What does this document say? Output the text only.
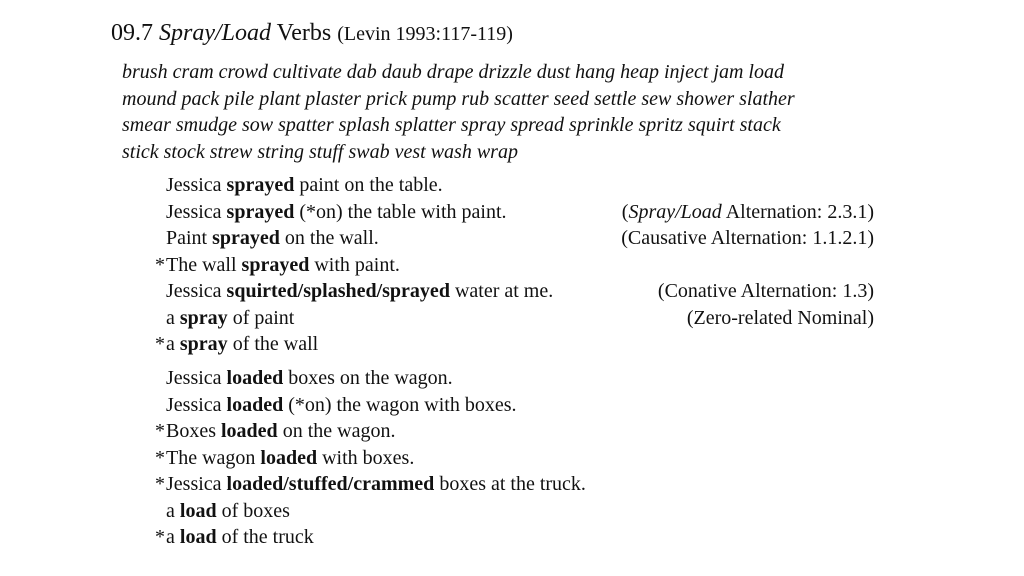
09.7 Spray/Load Verbs (Levin 1993:117-119)
brush cram crowd cultivate dab daub drape drizzle dust hang heap inject jam load
mound pack pile plant plaster prick pump rub scatter seed settle sew shower slather
smear smudge sow spatter splash splatter spray spread sprinkle spritz squirt stack
stick stock strew string stuff swab vest wash wrap
Jessica sprayed paint on the table.
Jessica sprayed (*on) the table with paint.
Paint sprayed on the wall.
*The wall sprayed with paint.
Jessica squirted/splashed/sprayed water at me.
a spray of paint
*a spray of the wall
Jessica loaded boxes on the wagon.
Jessica loaded (*on) the wagon with boxes.
*Boxes loaded on the wagon.
*The wagon loaded with boxes.
*Jessica loaded/stuffed/crammed boxes at the truck.
a load of boxes
*a load of the truck
(Spray/Load Alternation: 2.3.1)
(Causative Alternation: 1.1.2.1)
(Conative Alternation: 1.3)
(Zero-related Nominal)
